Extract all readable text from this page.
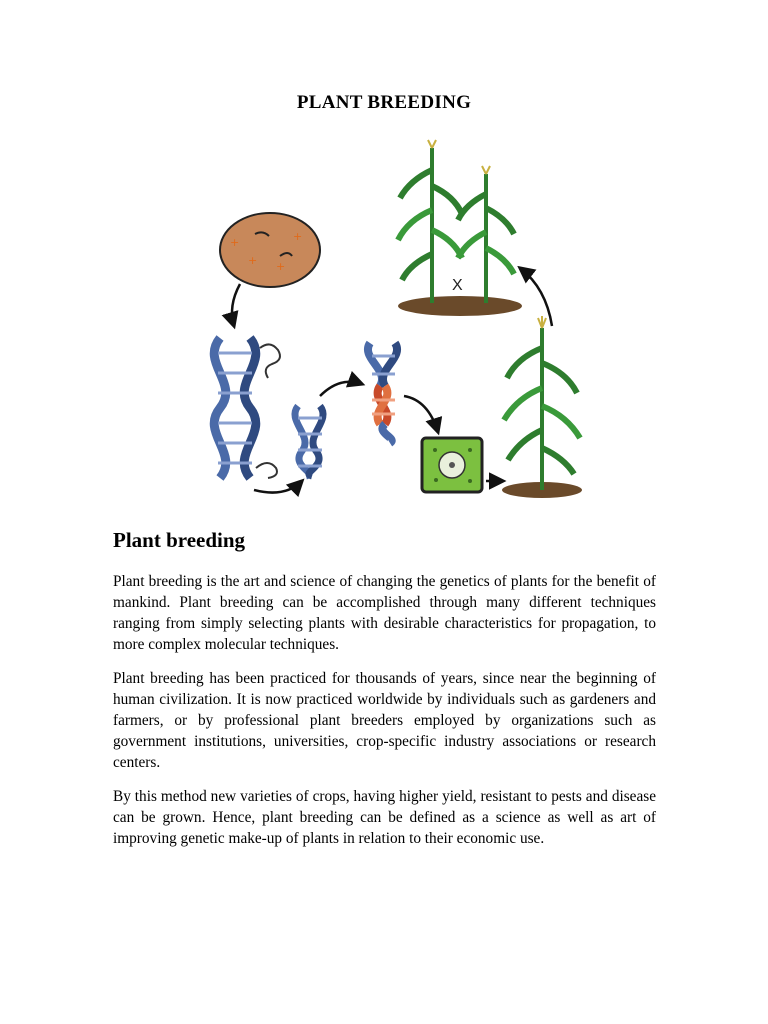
PLANT BREEDING
+
+ +
+
X
Plant breeding

Plant breeding is the art and science of changing the genetics of plants for the benefit of mankind. Plant breeding can be accomplished through many different techniques ranging from simply selecting plants with desirable characteristics for propagation, to more complex molecular techniques.

Plant breeding has been practiced for thousands of years, since near the beginning of human civilization. It is now practiced worldwide by individuals such as gardeners and farmers, or by professional plant breeders employed by organizations such as government institutions, universities, crop-specific industry associations or research centers.

By this method new varieties of crops, having higher yield, resistant to pests and disease can be grown. Hence, plant breeding can be defined as a science as well as art of improving genetic make-up of plants in relation to their economic use.
